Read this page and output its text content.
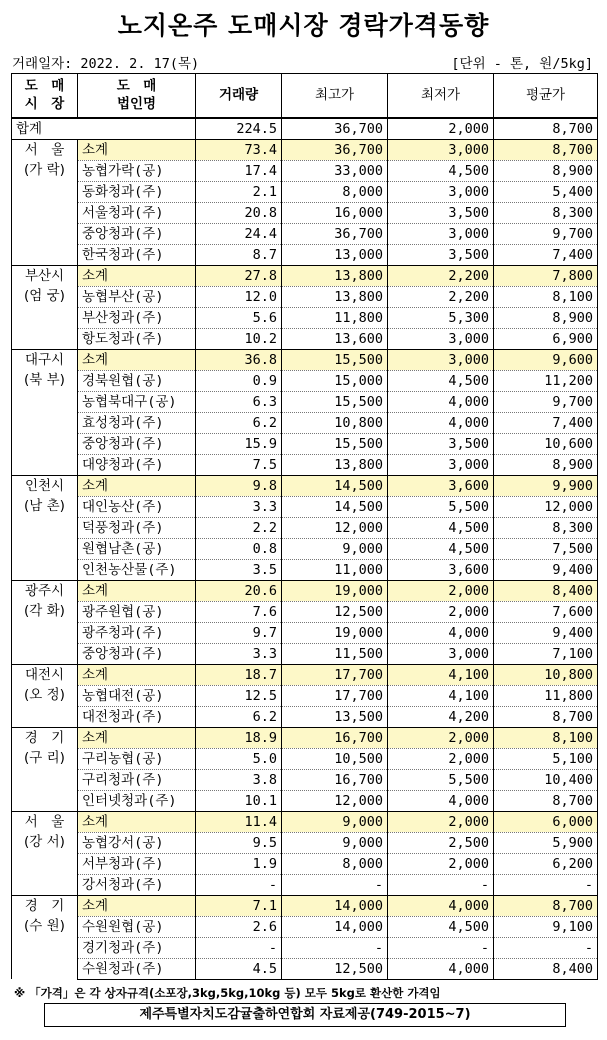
노지온주 도매시장 경락가격동향
거래일자: 2022. 2. 17(목)	[단위 - 톤, 원/5kg]
도　매
시　장	도　매
법인명	거래량	최고가	최저가	평균가
합계		224.5	36,700	2,000	8,700

서　울
(가 락)	소계	73.4	36,700	3,000	8,700
	농협가락(공)	17.4	33,000	4,500	8,900
	동화청과(주)	2.1	8,000	3,000	5,400
	서울청과(주)	20.8	16,000	3,500	8,300
	중앙청과(주)	24.4	36,700	3,000	9,700
	한국청과(주)	8.7	13,000	3,500	7,400

부산시
(엄 궁)	소계	27.8	13,800	2,200	7,800
	농협부산(공)	12.0	13,800	2,200	8,100
	부산청과(주)	5.6	11,800	5,300	8,900
	항도청과(주)	10.2	13,600	3,000	6,900

대구시
(북 부)	소계	36.8	15,500	3,000	9,600
	경북원협(공)	0.9	15,000	4,500	11,200
	농협북대구(공)	6.3	15,500	4,000	9,700
	효성청과(주)	6.2	10,800	4,000	7,400
	중앙청과(주)	15.9	15,500	3,500	10,600
	대양청과(주)	7.5	13,800	3,000	8,900

인천시
(남 촌)	소계	9.8	14,500	3,600	9,900
	대인농산(주)	3.3	14,500	5,500	12,000
	덕풍청과(주)	2.2	12,000	4,500	8,300
	원협남촌(공)	0.8	9,000	4,500	7,500
	인천농산물(주)	3.5	11,000	3,600	9,400

광주시
(각 화)	소계	20.6	19,000	2,000	8,400
	광주원협(공)	7.6	12,500	2,000	7,600
	광주청과(주)	9.7	19,000	4,000	9,400
	중앙청과(주)	3.3	11,500	3,000	7,100

대전시
(오 정)	소계	18.7	17,700	4,100	10,800
	농협대전(공)	12.5	17,700	4,100	11,800
	대전청과(주)	6.2	13,500	4,200	8,700

경　기
(구 리)	소계	18.9	16,700	2,000	8,100
	구리농협(공)	5.0	10,500	2,000	5,100
	구리청과(주)	3.8	16,700	5,500	10,400
	인터넷청과(주)	10.1	12,000	4,000	8,700

서　울
(강 서)	소계	11.4	9,000	2,000	6,000
	농협강서(공)	9.5	9,000	2,500	5,900
	서부청과(주)	1.9	8,000	2,000	6,200
	강서청과(주)	-	-	-	-

경　기
(수 원)	소계	7.1	14,000	4,000	8,700
	수원원협(공)	2.6	14,000	4,500	9,100
	경기청과(주)	-	-	-	-
	수원청과(주)	4.5	12,500	4,000	8,400
※ 「가격」은 각 상자규격(소포장,3kg,5kg,10kg 등) 모두 5kg로 환산한 가격임
제주특별자치도감귤출하연합회 자료제공(749-2015~7)
